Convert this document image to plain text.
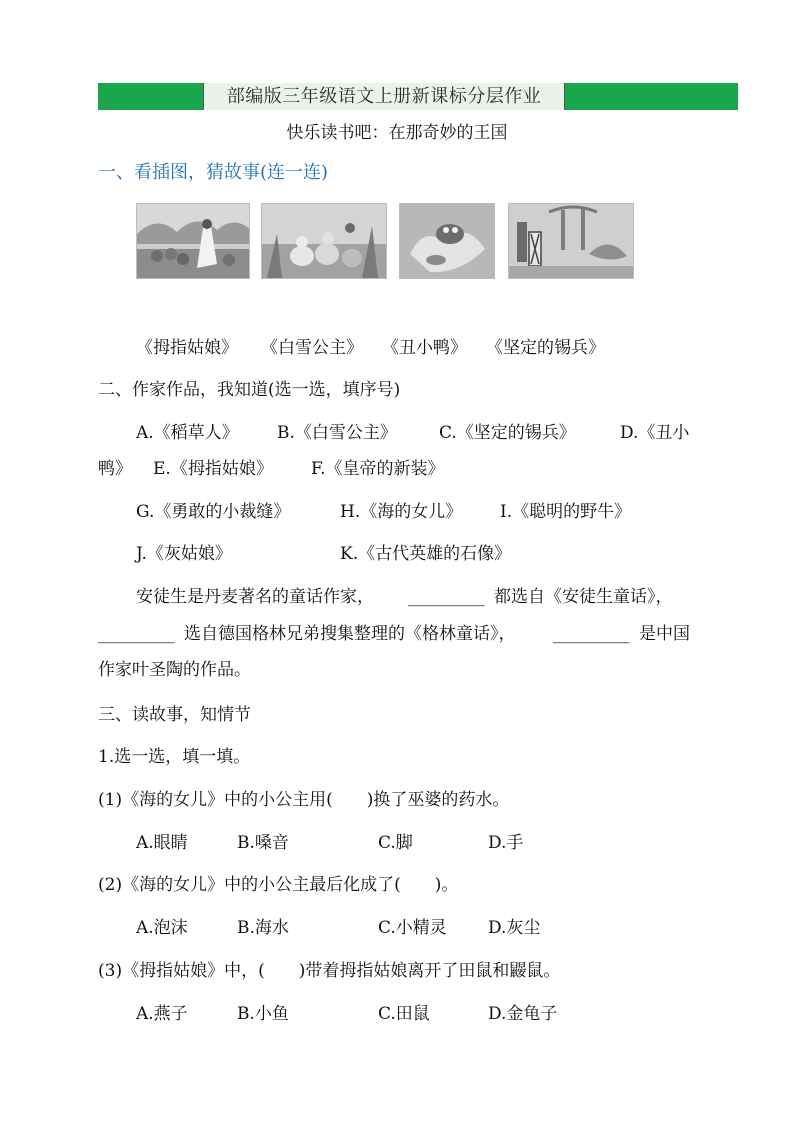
部编版三年级语文上册新课标分层作业
快乐读书吧：在那奇妙的王国
一、看插图，猜故事(连一连)
《拇指姑娘》 《白雪公主》 《丑小鸭》 《坚定的锡兵》
二、作家作品，我知道(选一选，填序号)
A.《稻草人》 B.《白雪公主》 C.《坚定的锡兵》	D.《丑小
鸭》 E.《拇指姑娘》 F.《皇帝的新装》
G.《勇敢的小裁缝》	H.《海的女儿》 I.《聪明的野牛》
J.《灰姑娘》	K.《古代英雄的石像》
安徒生是丹麦著名的童话作家， _________ 都选自《安徒生童话》，
_________ 选自德国格林兄弟搜集整理的《格林童话》， _________ 是中国
作家叶圣陶的作品。
三、读故事，知情节
1.选一选，填一填。
(1)《海的女儿》中的小公主用( )换了巫婆的药水。
A.眼睛	B.嗓音	C.脚	D.手
(2)《海的女儿》中的小公主最后化成了( )。
A.泡沫	B.海水	C.小精灵 D.灰尘
(3)《拇指姑娘》中，( )带着拇指姑娘离开了田鼠和鼹鼠。
A.燕子	B.小鱼	C.田鼠	D.金龟子
